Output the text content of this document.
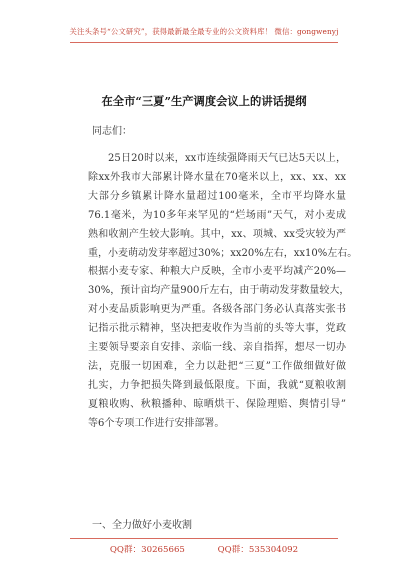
关注头条号“公文研究”，获得最新最全最专业的公文资料库！ 微信：gongwenyj
在全市“三夏”生产调度会议上的讲话提纲
同志们：
25日20时以来，xx市连续强降雨天气已达5天以上，
除xx外我市大部累计降水量在70毫米以上，xx、xx、xx
大部分乡镇累计降水量超过100毫米，全市平均降水量
76.1毫米，为10多年来罕见的“烂场雨”天气，对小麦成
熟和收割产生较大影响。其中，xx、项城、xx受灾较为严
重，小麦萌动发芽率超过30%；xx20%左右，xx10%左右。
根据小麦专家、种粮大户反映，全市小麦平均减产20%—
30%，预计亩均产量900斤左右，由于萌动发芽数量较大，
对小麦品质影响更为严重。各级各部门务必认真落实张书
记指示批示精神，坚决把麦收作为当前的头等大事，党政
主要领导要亲自安排、亲临一线、亲自指挥，想尽一切办
法，克服一切困难，全力以赴把“三夏”工作做细做好做
扎实，力争把损失降到最低限度。下面，我就“夏粮收割
夏粮收购、秋粮播种、晾晒烘干、保险理赔、舆情引导”
等6个专项工作进行安排部署。
一、全力做好小麦收割
QQ群：30265665	QQ群：535304092
